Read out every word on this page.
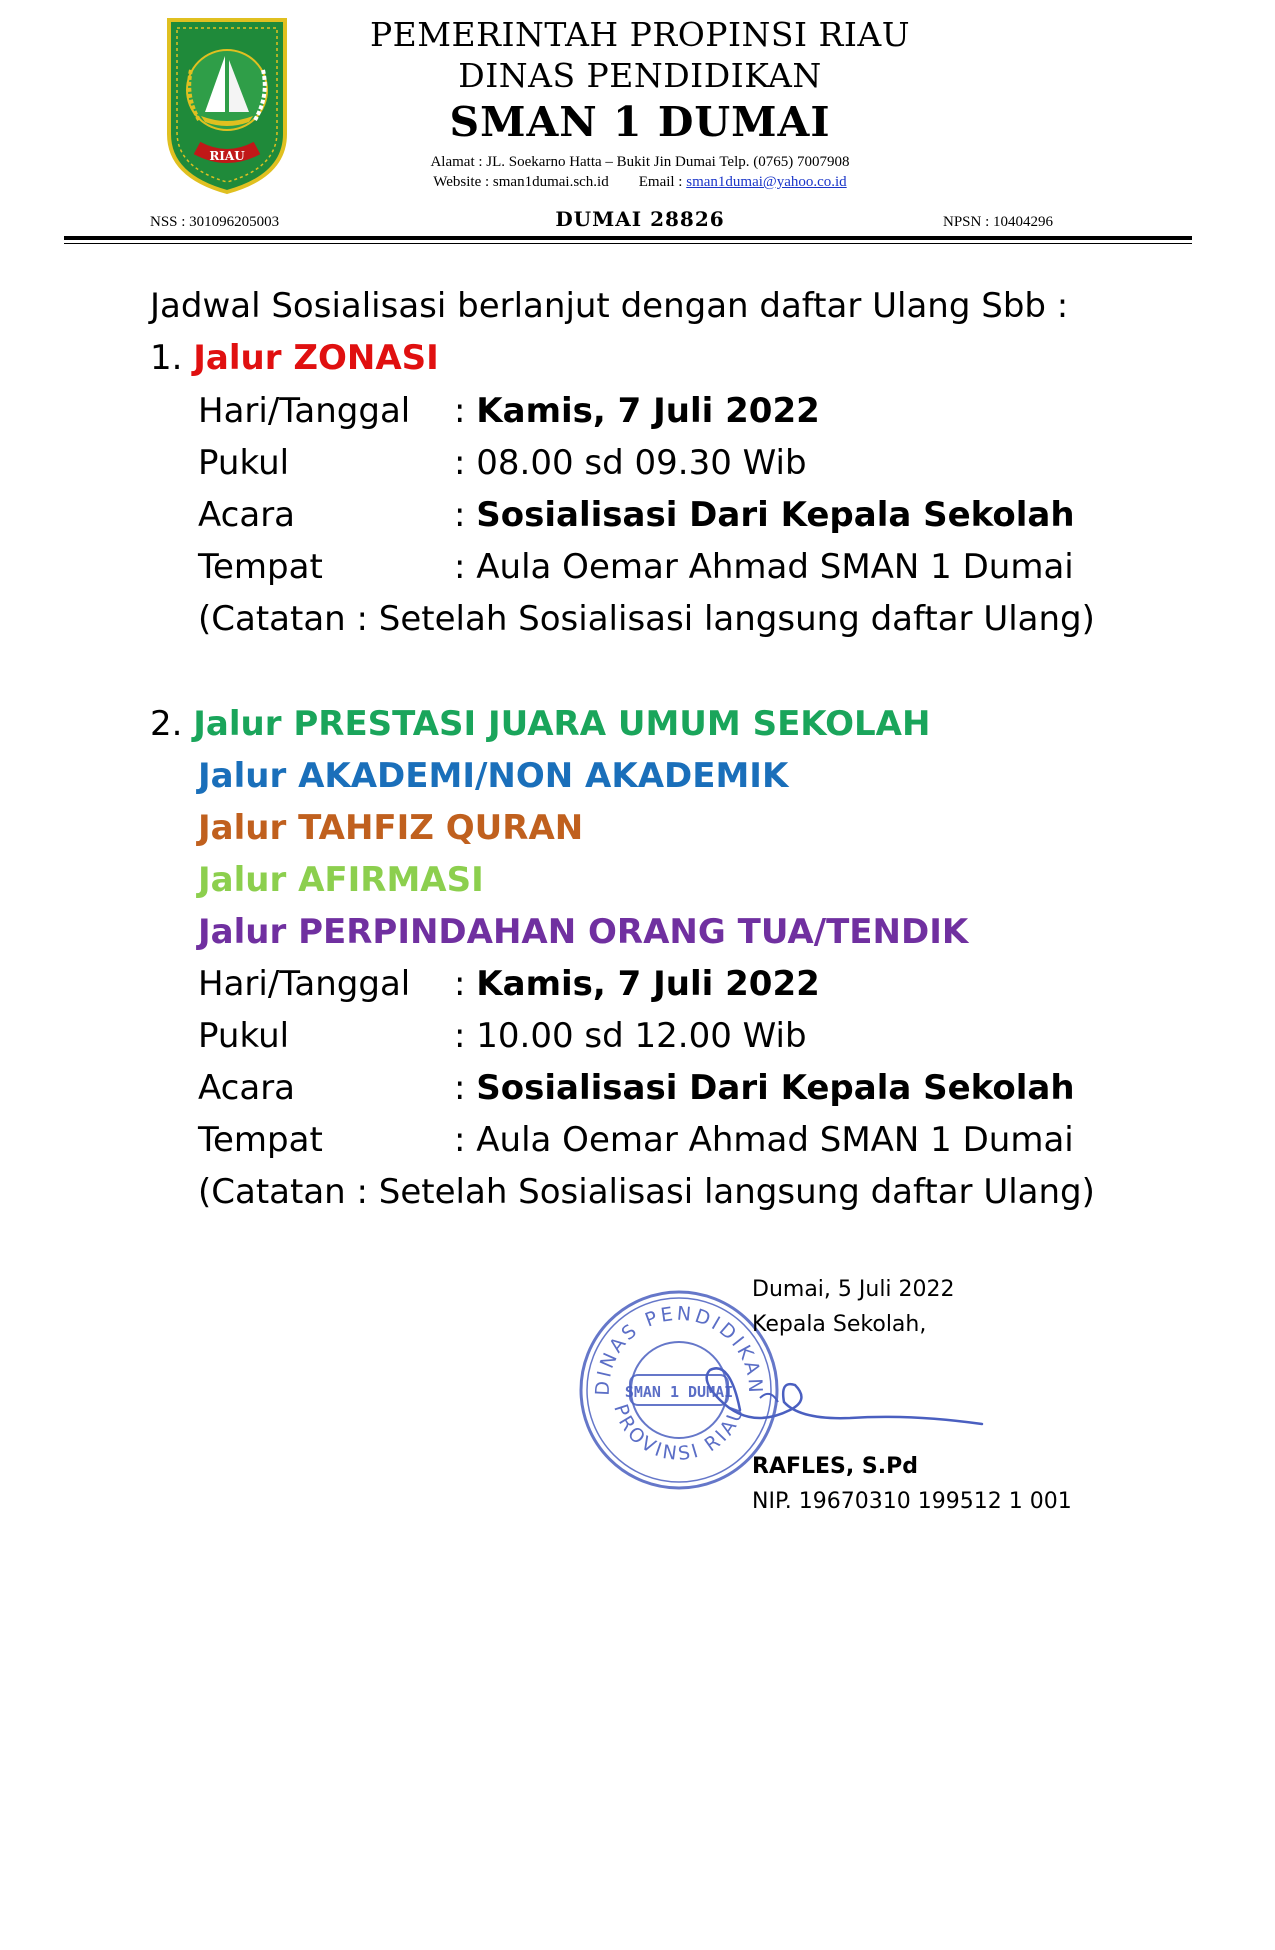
RIAU
PEMERINTAH PROPINSI RIAU
DINAS PENDIDIKAN
SMAN 1 DUMAI
Alamat : JL. Soekarno Hatta – Bukit Jin Dumai Telp. (0765) 7007908
Website : sman1dumai.sch.id Email : sman1dumai@yahoo.co.id
NSS : 301096205003	DUMAI 28826	NPSN : 10404296
Jadwal Sosialisasi berlanjut dengan daftar Ulang Sbb :
1. Jalur ZONASI
Hari/Tanggal : Kamis, 7 Juli 2022
Pukul	: 08.00 sd 09.30 Wib
Acara	: Sosialisasi Dari Kepala Sekolah
Tempat	: Aula Oemar Ahmad SMAN 1 Dumai
(Catatan : Setelah Sosialisasi langsung daftar Ulang)
2. Jalur PRESTASI JUARA UMUM SEKOLAH
Jalur AKADEMI/NON AKADEMIK
Jalur TAHFIZ QURAN
Jalur AFIRMASI
Jalur PERPINDAHAN ORANG TUA/TENDIK
Hari/Tanggal : Kamis, 7 Juli 2022
Pukul	: 10.00 sd 12.00 Wib
Acara	: Sosialisasi Dari Kepala Sekolah
Tempat	: Aula Oemar Ahmad SMAN 1 Dumai
(Catatan : Setelah Sosialisasi langsung daftar Ulang)
DINAS PENDIDIKAN
SMAN 1 DUMAI
PROVINSI RIAU
Dumai, 5 Juli 2022
Kepala Sekolah,
RAFLES, S.Pd
NIP. 19670310 199512 1 001
